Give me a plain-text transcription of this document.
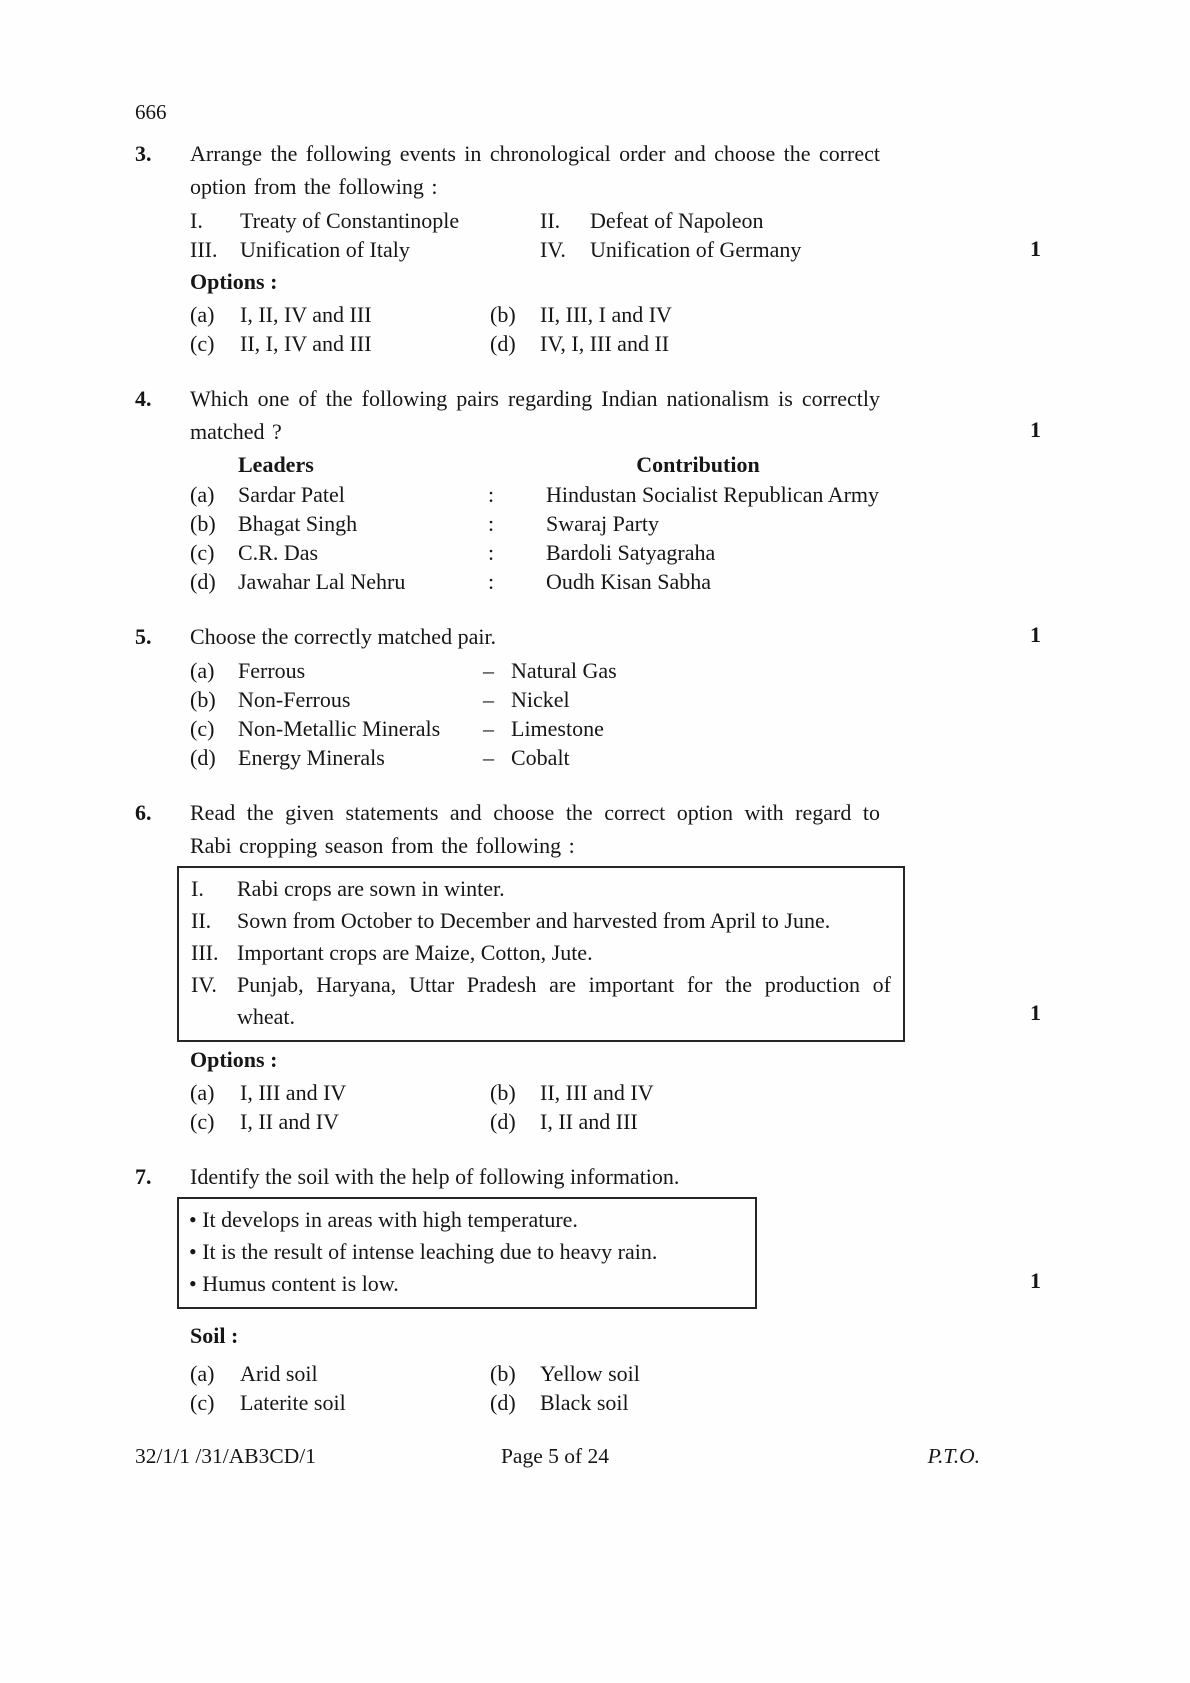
666
3.	Arrange the following events in chronological order and choose the correct option from the following :

I.	Treaty of Constantinople	II.	Defeat of Napoleon
III.	Unification of Italy	IV.	Unification of Germany

Options :

(a)	I, II, IV and III	(b)	II, III, I and IV
(c)	II, I, IV and III	(d)	IV, I, III and II
1
4.	Which one of the following pairs regarding Indian nationalism is correctly matched ?

Leaders	Contribution
(a)	Sardar Patel	:	Hindustan Socialist Republican Army
(b)	Bhagat Singh	:	Swaraj Party
(c)	C.R. Das	:	Bardoli Satyagraha
(d)	Jawahar Lal Nehru	:	Oudh Kisan Sabha
1
5.	Choose the correctly matched pair.

(a)	Ferrous	– Natural Gas
(b)	Non-Ferrous	– Nickel
(c)	Non-Metallic Minerals	– Limestone
(d)	Energy Minerals	– Cobalt
1
6.	Read the given statements and choose the correct option with regard to Rabi cropping season from the following :

I.	Rabi crops are sown in winter.
II.	Sown from October to December and harvested from April to June.
III. Important crops are Maize, Cotton, Jute.
IV. Punjab, Haryana, Uttar Pradesh are important for the production of wheat.

Options :

(a)	I, III and IV	(b)	II, III and IV
(c)	I, II and IV	(d)	I, II and III
1
7.	Identify the soil with the help of following information.

• It develops in areas with high temperature.
• It is the result of intense leaching due to heavy rain.
• Humus content is low.

Soil :

(a)	Arid soil	(b)	Yellow soil
(c)	Laterite soil	(d)	Black soil
1
32/1/1 /31/AB3CD/1	Page 5 of 24	P.T.O.
